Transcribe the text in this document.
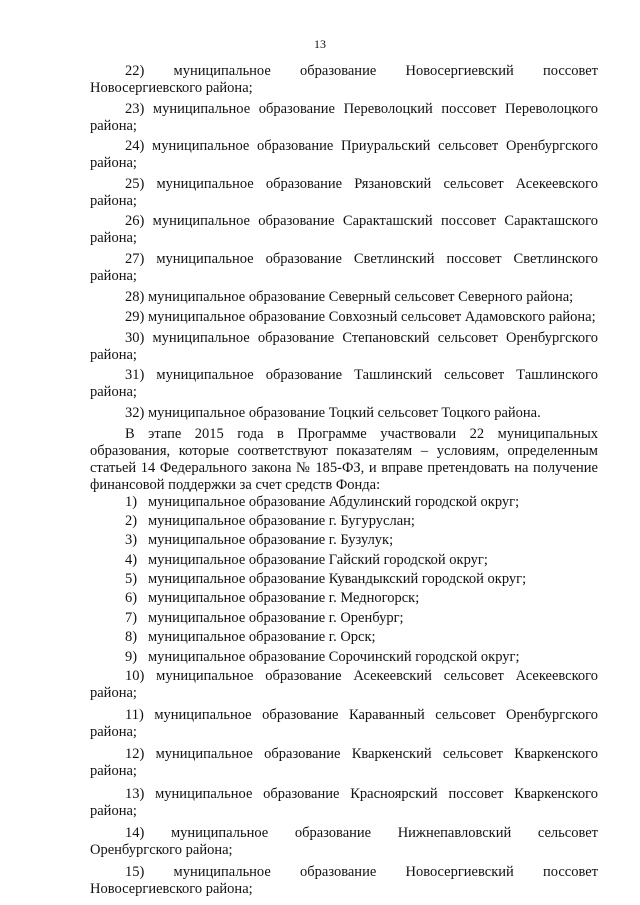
13

22) муниципальное образование Новосергиевский поссовет Новосергиевского района;

23) муниципальное образование Переволоцкий поссовет Переволоцкого района;

24) муниципальное образование Приуральский сельсовет Оренбургского района;

25) муниципальное образование Рязановский сельсовет Асекеевского района;

26) муниципальное образование Саракташский поссовет Саракташского района;

27) муниципальное образование Светлинский поссовет Светлинского района;

28) муниципальное образование Северный сельсовет Северного района;

29) муниципальное образование Совхозный сельсовет Адамовского района;

30) муниципальное образование Степановский сельсовет Оренбургского района;

31) муниципальное образование Ташлинский сельсовет Ташлинского района;

32) муниципальное образование Тоцкий сельсовет Тоцкого района.

В этапе 2015 года в Программе участвовали 22 муниципальных образования, которые соответствуют показателям – условиям, определенным статьей 14 Федерального закона № 185-ФЗ, и вправе претендовать на получение финансовой поддержки за счет средств Фонда:

1) муниципальное образование Абдулинский городской округ;
2) муниципальное образование г. Бугуруслан;
3) муниципальное образование г. Бузулук;
4) муниципальное образование Гайский городской округ;
5) муниципальное образование Кувандыкский городской округ;
6) муниципальное образование г. Медногорск;
7) муниципальное образование г. Оренбург;
8) муниципальное образование г. Орск;
9) муниципальное образование Сорочинский городской округ;

10) муниципальное образование Асекеевский сельсовет Асекеевского района;

11) муниципальное образование Караванный сельсовет Оренбургского района;

12) муниципальное образование Кваркенский сельсовет Кваркенского района;

13) муниципальное образование Красноярский поссовет Кваркенского района;

14) муниципальное образование Нижнепавловский сельсовет Оренбургского района;

15) муниципальное образование Новосергиевский поссовет Новосергиевского района;
